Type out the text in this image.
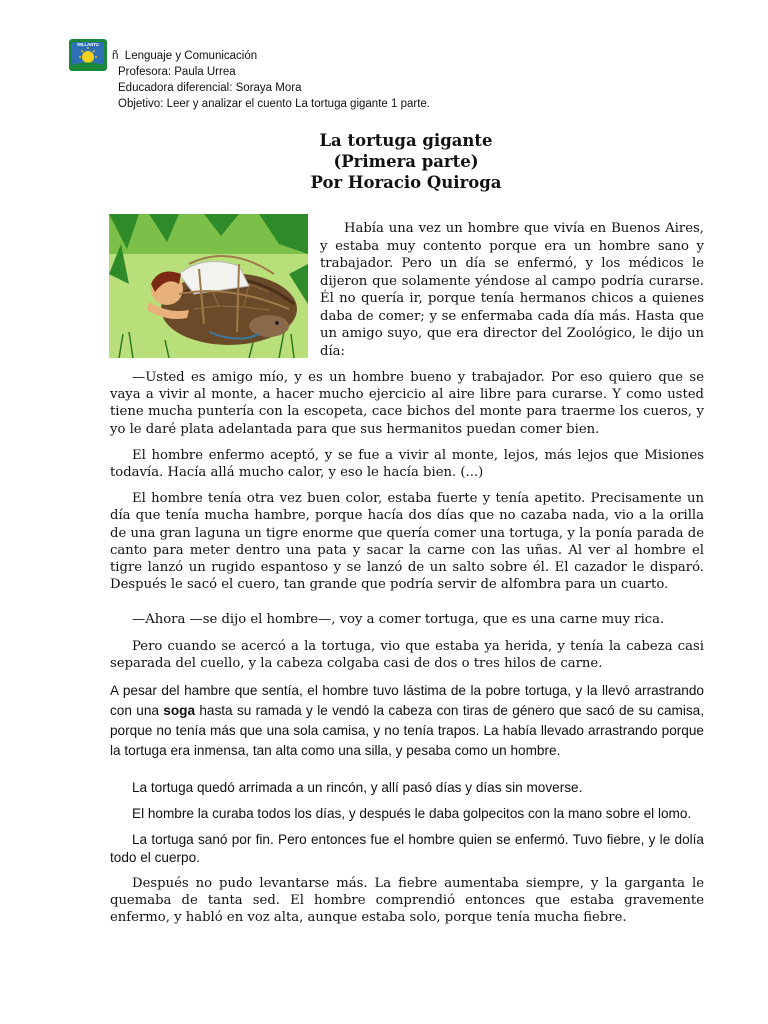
MILLANTU
ñ Lenguaje y Comunicación
Profesora: Paula Urrea
Educadora diferencial: Soraya Mora
Objetivo: Leer y analizar el cuento La tortuga gigante 1 parte.
La tortuga gigante
(Primera parte)
Por Horacio Quiroga

Había una vez un hombre que vivía en Buenos Aires, y estaba muy contento porque era un hombre sano y trabajador. Pero un día se enfermó, y los médicos le dijeron que solamente yéndose al campo podría curarse. Él no quería ir, porque tenía hermanos chicos a quienes daba de comer; y se enfermaba cada día más. Hasta que un amigo suyo, que era director del Zoológico, le dijo un día:

—Usted es amigo mío, y es un hombre bueno y trabajador. Por eso quiero que se vaya a vivir al monte, a hacer mucho ejercicio al aire libre para curarse. Y como usted tiene mucha puntería con la escopeta, cace bichos del monte para traerme los cueros, y yo le daré plata adelantada para que sus hermanitos puedan comer bien.

El hombre enfermo aceptó, y se fue a vivir al monte, lejos, más lejos que Misiones todavía. Hacía allá mucho calor, y eso le hacía bien. (...)

El hombre tenía otra vez buen color, estaba fuerte y tenía apetito. Precisamente un día que tenía mucha hambre, porque hacía dos días que no cazaba nada, vio a la orilla de una gran laguna un tigre enorme que quería comer una tortuga, y la ponía parada de canto para meter dentro una pata y sacar la carne con las uñas. Al ver al hombre el tigre lanzó un rugido espantoso y se lanzó de un salto sobre él. El cazador le disparó. Después le sacó el cuero, tan grande que podría servir de alfombra para un cuarto.

—Ahora —se dijo el hombre—, voy a comer tortuga, que es una carne muy rica.

Pero cuando se acercó a la tortuga, vio que estaba ya herida, y tenía la cabeza casi separada del cuello, y la cabeza colgaba casi de dos o tres hilos de carne.

A pesar del hambre que sentía, el hombre tuvo lástima de la pobre tortuga, y la llevó arrastrando con una soga hasta su ramada y le vendó la cabeza con tiras de género que sacó de su camisa, porque no tenía más que una sola camisa, y no tenía trapos. La había llevado arrastrando porque la tortuga era inmensa, tan alta como una silla, y pesaba como un hombre.

La tortuga quedó arrimada a un rincón, y allí pasó días y días sin moverse.

El hombre la curaba todos los días, y después le daba golpecitos con la mano sobre el lomo.

La tortuga sanó por fin. Pero entonces fue el hombre quien se enfermó. Tuvo fiebre, y le dolía todo el cuerpo.

Después no pudo levantarse más. La fiebre aumentaba siempre, y la garganta le quemaba de tanta sed. El hombre comprendió entonces que estaba gravemente enfermo, y habló en voz alta, aunque estaba solo, porque tenía mucha fiebre.
